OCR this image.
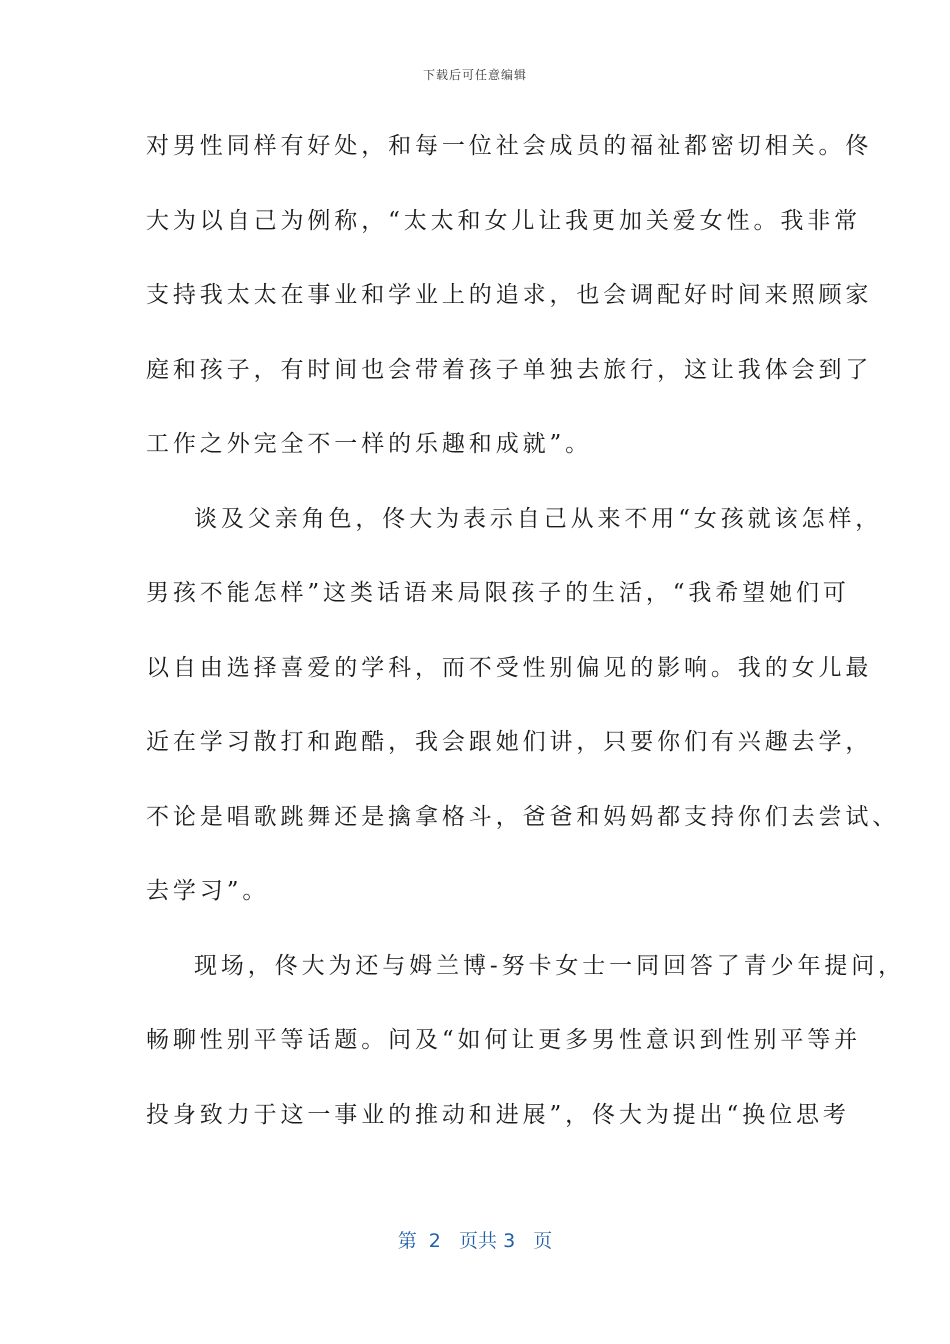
下载后可任意编辑
对男性同样有好处，和每一位社会成员的福祉都密切相关。佟
大为以自己为例称，“太太和女儿让我更加关爱女性。我非常
支持我太太在事业和学业上的追求，也会调配好时间来照顾家
庭和孩子，有时间也会带着孩子单独去旅行，这让我体会到了
工作之外完全不一样的乐趣和成就”。
谈及父亲角色，佟大为表示自己从来不用“女孩就该怎样，
男孩不能怎样”这类话语来局限孩子的生活，“我希望她们可
以自由选择喜爱的学科，而不受性别偏见的影响。我的女儿最
近在学习散打和跑酷，我会跟她们讲，只要你们有兴趣去学，
不论是唱歌跳舞还是擒拿格斗，爸爸和妈妈都支持你们去尝试、
去学习”。
现场，佟大为还与姆兰博-努卡女士一同回答了青少年提问，
畅聊性别平等话题。问及“如何让更多男性意识到性别平等并
投身致力于这一事业的推动和进展”，佟大为提出“换位思考
第 2 页共 3 页
